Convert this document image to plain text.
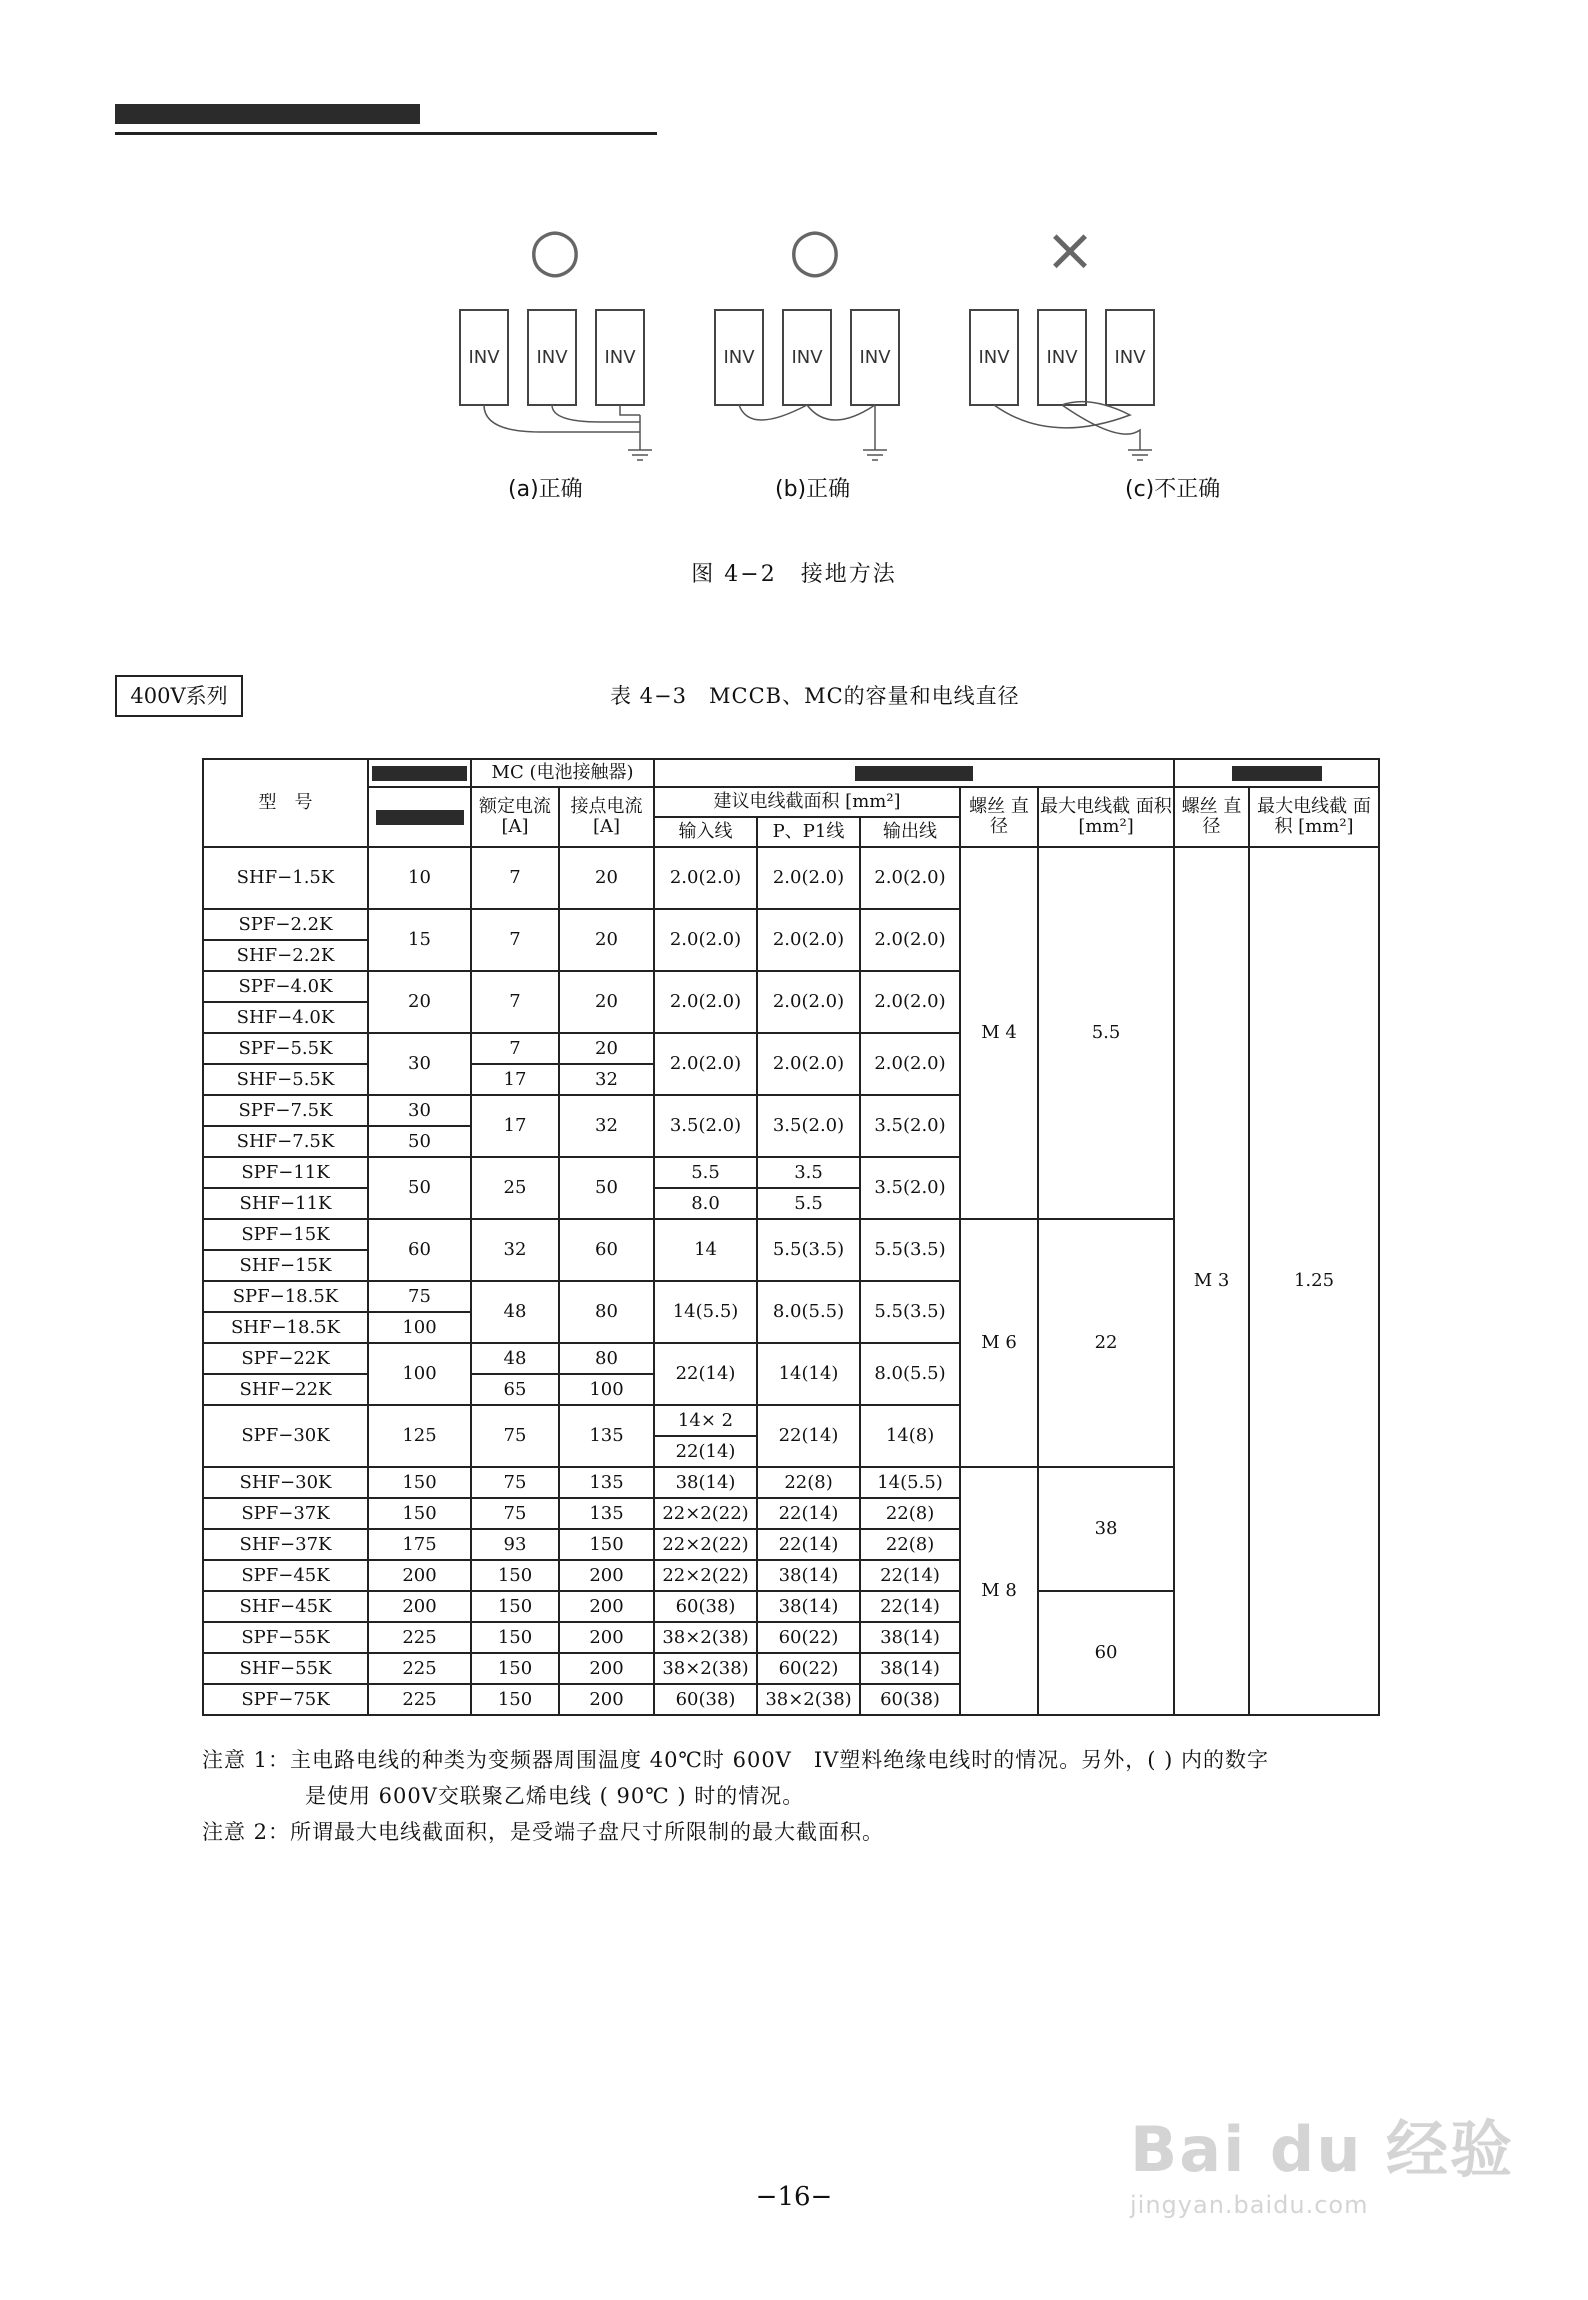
○	○	×
INV INV INV	INV INV INV	INV INV INV
(a)正确	(b)正确	(c)不正确
图 4−2　接地方法
400V系列	表 4−3　MCCB、MC的容量和电线直径
型　号		MC (电池接触器)								
		额定电流 [A]	接点电流 [A]	建议电线截面积 [mm²]			螺丝 直径	最大电线截 面积 [mm²]	螺丝 直径	最大电线截 面积 [mm²]
				输入线	P、P1线	输出线				
SHF−1.5K	10	7	20	2.0(2.0)	2.0(2.0)	2.0(2.0)	M 4	5.5	M 3	1.25
SPF−2.2K	15	7	20	2.0(2.0)	2.0(2.0)	2.0(2.0)				
SHF−2.2K										
SPF−4.0K	20	7	20	2.0(2.0)	2.0(2.0)	2.0(2.0)				
SHF−4.0K										
SPF−5.5K	30	7	20	2.0(2.0)	2.0(2.0)	2.0(2.0)				
SHF−5.5K		17	32							
SPF−7.5K	30	17	32	3.5(2.0)	3.5(2.0)	3.5(2.0)				
SHF−7.5K	50									
SPF−11K	50	25	50	5.5	3.5	3.5(2.0)				
SHF−11K				8.0	5.5					
SPF−15K	60	32	60	14	5.5(3.5)	5.5(3.5)	M 6	22		
SHF−15K										
SPF−18.5K	75	48	80	14(5.5)	8.0(5.5)	5.5(3.5)				
SHF−18.5K	100									
SPF−22K	100	48	80	22(14)	14(14)	8.0(5.5)				
SHF−22K		65	100							
SPF−30K	125	75	135	14× 2	22(14)	14(8)				
				22(14)						
SHF−30K	150	75	135	38(14)	22(8)	14(5.5)	M 8	38		
SPF−37K	150	75	135	22×2(22)	22(14)	22(8)				
SHF−37K	175	93	150	22×2(22)	22(14)	22(8)				
SPF−45K	200	150	200	22×2(22)	38(14)	22(14)				
SHF−45K	200	150	200	60(38)	38(14)	22(14)		60		
SPF−55K	225	150	200	38×2(38)	60(22)	38(14)				
SHF−55K	225	150	200	38×2(38)	60(22)	38(14)				
SPF−75K	225	150	200	60(38)	38×2(38)	60(38)				
注意 1：主电路电线的种类为变频器周围温度 40℃时 600V　IV塑料绝缘电线时的情况。另外，( ) 内的数字
是使用 600V交联聚乙烯电线 ( 90℃ ) 时的情况。
注意 2：所谓最大电线截面积，是受端子盘尺寸所限制的最大截面积。
−16−
Bai du 经验
jingyan.baidu.com
